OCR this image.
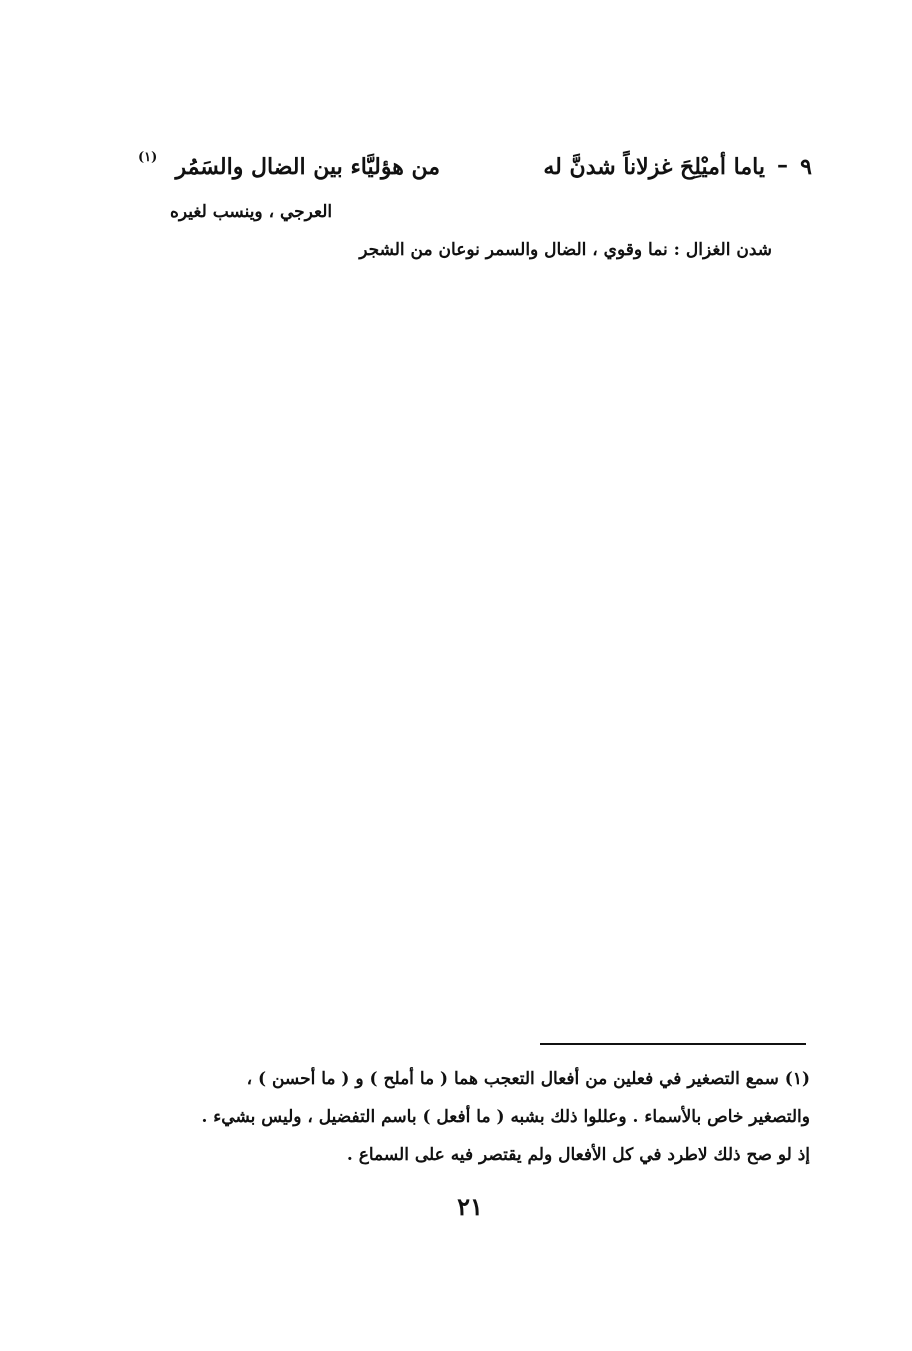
٩
–
ياما أميْلِحَ غزلاناً شدنَّ له
من هؤليَّاء بين الضال والسَمُر
(١)
العرجي ، وينسب لغيره
شدن الغزال : نما وقوي ، الضال والسمر نوعان من الشجر
(١) سمع التصغير في فعلين من أفعال التعجب هما ( ما أملح ) و ( ما أحسن ) ،
والتصغير خاص بالأسماء . وعللوا ذلك بشبه ( ما أفعل ) باسم التفضيل ، وليس بشيء .
إذ لو صح ذلك لاطرد في كل الأفعال ولم يقتصر فيه على السماع .
٢١
